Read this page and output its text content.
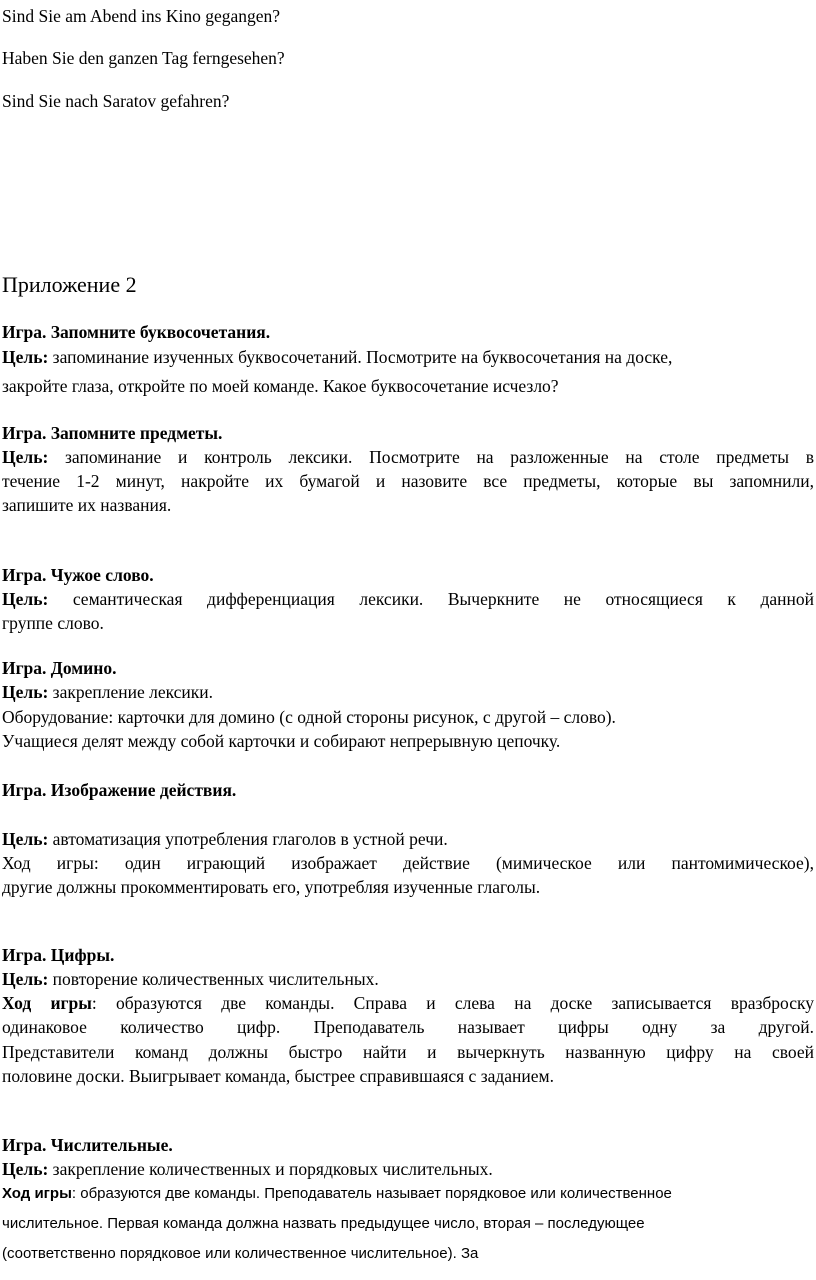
Sind Sie am Abend ins Kino gegangen?
Haben Sie den ganzen Tag ferngesehen?
Sind Sie nach Saratov gefahren?
Приложение 2
Игра. Запомните буквосочетания.
Цель: запоминание изученных буквосочетаний. Посмотрите на буквосочетания на доске,
закройте глаза, откройте по моей команде. Какое буквосочетание исчезло?
Игра. Запомните предметы.
Цель: запоминание и контроль лексики. Посмотрите на разложенные на столе предметы в
течение 1-2 минут, накройте их бумагой и назовите все предметы, которые вы запомнили,
запишите их названия.
Игра. Чужое слово.
Цель: семантическая дифференциация лексики. Вычеркните не относящиеся к данной
группе слово.
Игра. Домино.
Цель: закрепление лексики.
Оборудование: карточки для домино (с одной стороны рисунок, с другой – слово).
Учащиеся делят между собой карточки и собирают непрерывную цепочку.
Игра. Изображение действия.
Цель: автоматизация употребления глаголов в устной речи.
Ход игры: один играющий изображает действие (мимическое или пантомимическое),
другие должны прокомментировать его, употребляя изученные глаголы.
Игра. Цифры.
Цель: повторение количественных числительных.
Ход игры: образуются две команды. Справа и слева на доске записывается вразброску
одинаковое количество цифр. Преподаватель называет цифры одну за другой.
Представители команд должны быстро найти и вычеркнуть названную цифру на своей
половине доски. Выигрывает команда, быстрее справившаяся с заданием.
Игра. Числительные.
Цель: закрепление количественных и порядковых числительных.
Ход игры: образуются две команды. Преподаватель называет порядковое или количественное
числительное. Первая команда должна назвать предыдущее число, вторая – последующее
(соответственно порядковое или количественное числительное). За
